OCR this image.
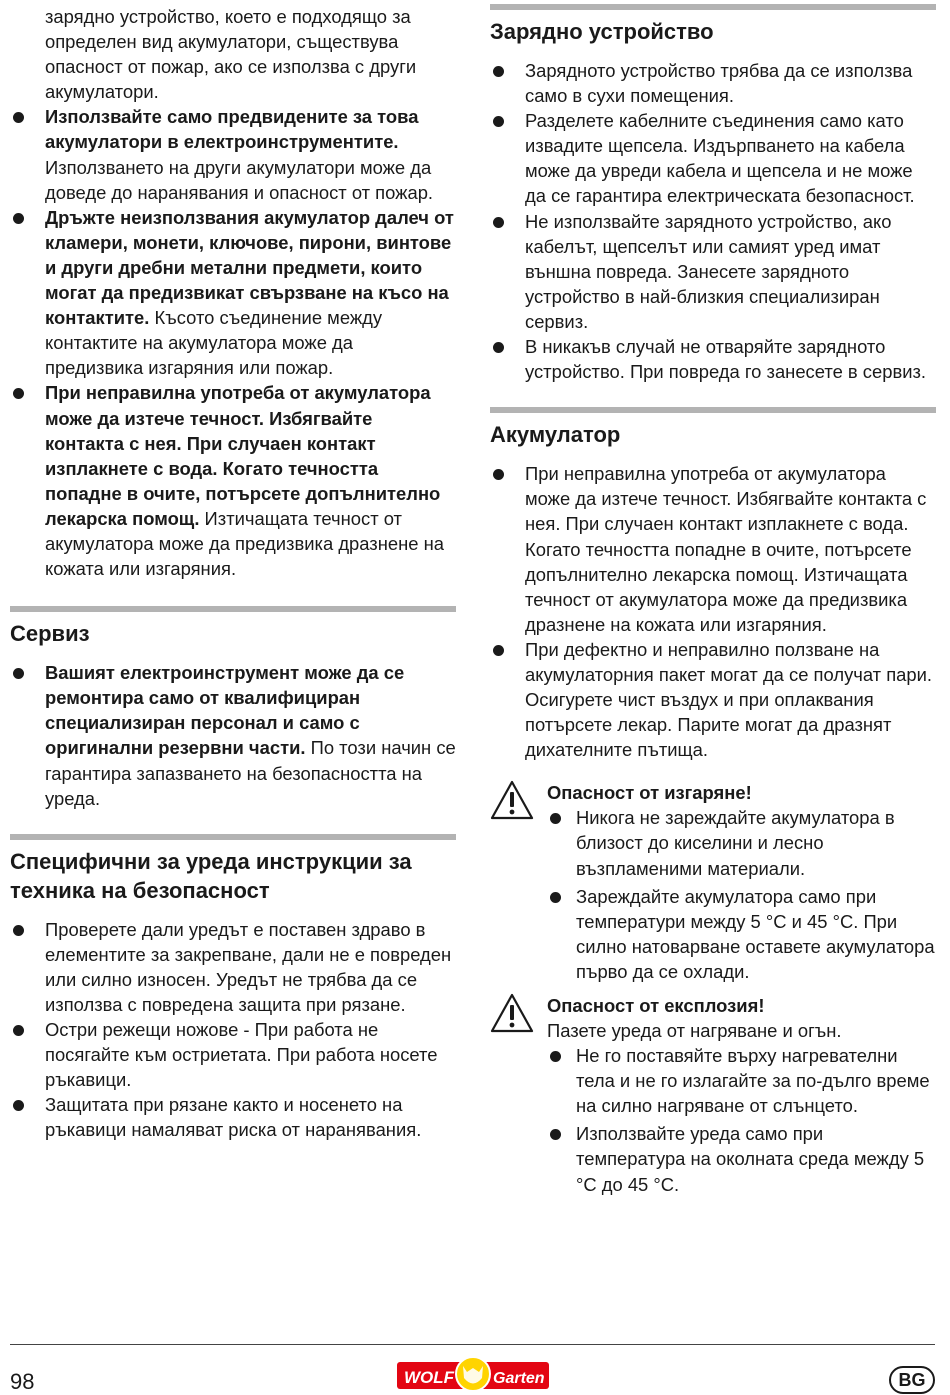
зарядно устройство, което е подходящо за определен вид акумулатори, съществува опасност от пожар, ако се използва с други акумулатори.
Използвайте само предвидените за това акумулатори в електроинструментите. Използването на други акумулатори може да доведе до наранявания и опасност от пожар.
Дръжте неизползвания акумулатор далеч от кламери, монети, ключове, пирони, винтове и други дребни метални предмети, които могат да предизвикат свързване на късо на контактите. Късото съединение между контактите на акумулатора може да предизвика изгаряния или пожар.
При неправилна употреба от акумулатора може да изтече течност. Избягвайте контакта с нея. При случаен контакт изплакнете с вода. Когато течността попадне в очите, потърсете допълнително лекарска помощ. Изтичащата течност от акумулатора може да предизвика дразнене на кожата или изгаряния.
Сервиз
Вашият електроинструмент може да се ремонтира само от квалифициран специализиран персонал и само с оригинални резервни части. По този начин се гарантира запазването на безопасността на уреда.
Специфични за уреда инструкции за техника на безопасност
Проверете дали уредът е поставен здраво в елементите за закрепване, дали не е повреден или силно износен. Уредът не трябва да се използва с повредена защита при рязане.
Остри режещи ножове - При работа не посягайте към остриетата. При работа носете ръкавици.
Защитата при рязане както и носенето на ръкавици намаляват риска от наранявания.
Зарядно устройство
Зарядното устройство трябва да се използва само в сухи помещения.
Разделете кабелните съединения само като извадите щепсела. Издърпването на кабела може да увреди кабела и щепсела и не може да се гарантира електрическата безопасност.
Не използвайте зарядното устройство, ако кабелът, щепселът или самият уред имат външна повреда. Занесете зарядното устройство в най-близкия специализиран сервиз.
В никакъв случай не отваряйте зарядното устройство. При повреда го занесете в сервиз.
Акумулатор
При неправилна употреба от акумулатора може да изтече течност. Избягвайте контакта с нея. При случаен контакт изплакнете с вода. Когато течността попадне в очите, потърсете допълнително лекарска помощ. Изтичащата течност от акумулатора може да предизвика дразнене на кожата или изгаряния.
При дефектно и неправилно ползване на акумулаторния пакет могат да се получат пари. Осигурете чист въздух и при оплаквания потърсете лекар. Парите могат да дразнят дихателните пътища.
Опасност от изгаряне!
Никога не зареждайте акумулатора в близост до киселини и лесно възпламеними материали.
Зареждайте акумулатора само при температури между 5 °C и 45 °C. При силно натоварване оставете акумулатора първо да се охлади.
Опасност от експлозия!
Пазете уреда от нагряване и огън.
Не го поставяйте върху нагревателни тела и не го излагайте за по-дълго време на силно нагряване от слънцето.
Използвайте уреда само при температура на околната среда между 5 °C до 45 °C.
98	WOLF Garten	BG
